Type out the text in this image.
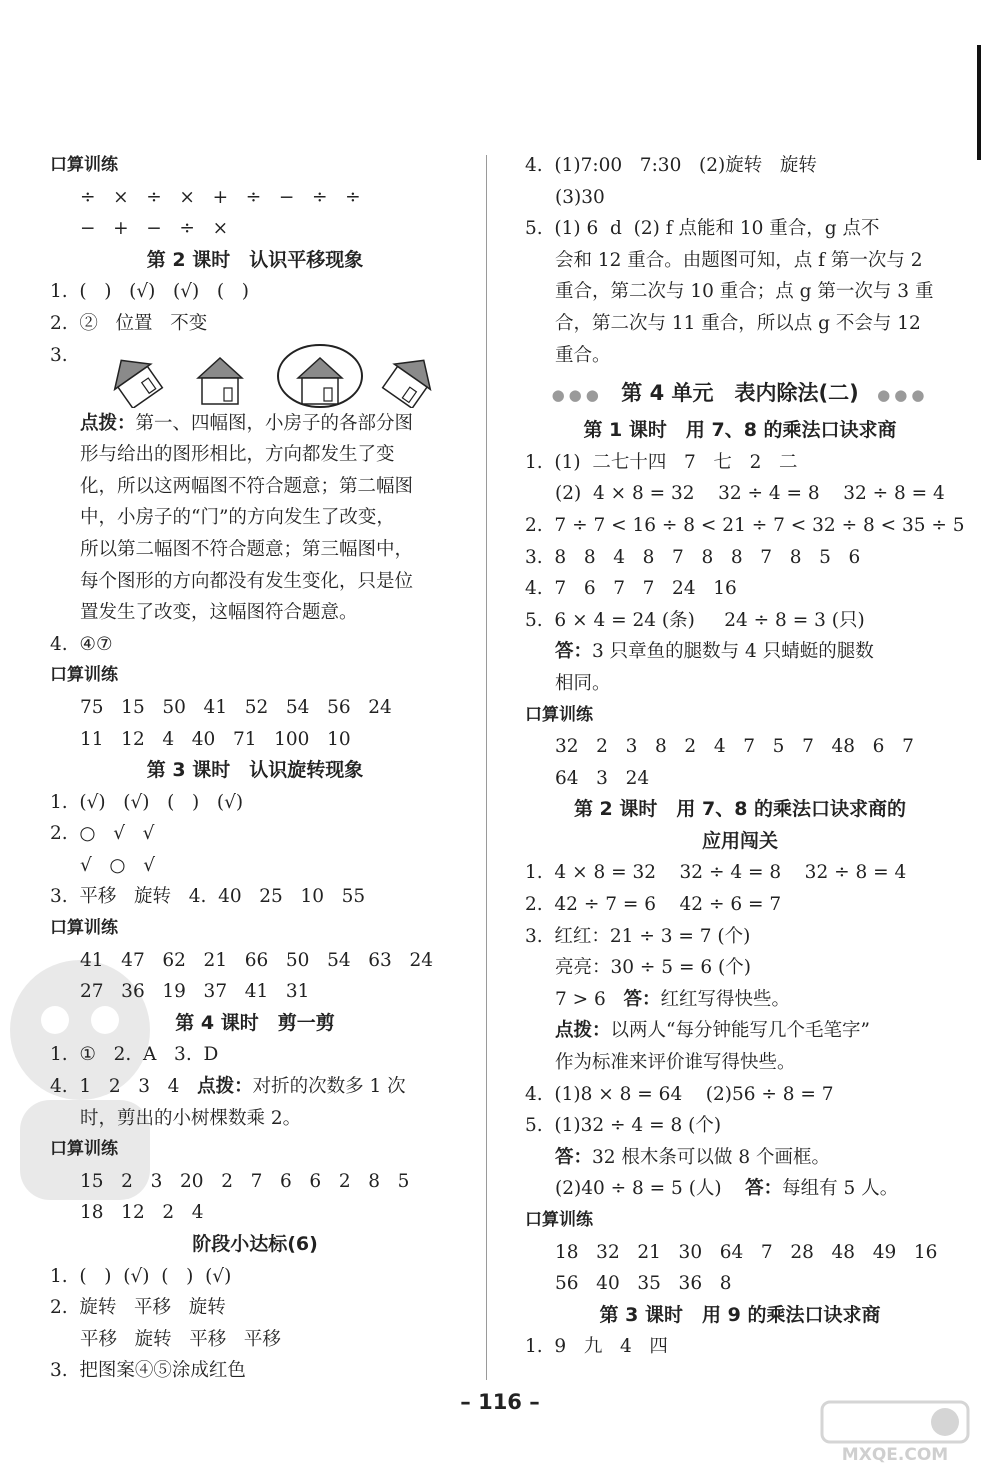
口算训练
÷   ×   ÷   ×   +   ÷   −   ÷   ÷
−   +   −   ÷   ×
第 2 课时　认识平移现象
1.  (   )   (√)   (√)   (   )
2.  ②   位置   不变
3.
点拨：第一、四幅图，小房子的各部分图
形与给出的图形相比，方向都发生了变
化，所以这两幅图不符合题意；第二幅图
中，小房子的“门”的方向发生了改变，
所以第二幅图不符合题意；第三幅图中，
每个图形的方向都没有发生变化，只是位
置发生了改变，这幅图符合题意。
4.  ④⑦
口算训练
75   15   50   41   52   54   56   24
11   12   4   40   71   100   10
第 3 课时　认识旋转现象
1.  (√)   (√)   (   )   (√)
2.  ○   √   √
√   ○   √
3.  平移   旋转   4.  40   25   10   55
口算训练
41   47   62   21   66   50   54   63   24
27   36   19   37   41   31
第 4 课时　剪一剪
1.  ①   2.  A   3.  D
4.  1   2   3   4   点拨：对折的次数多 1 次
时，剪出的小树棵数乘 2。
口算训练
15   2   3   20   2   7   6   6   2   8   5
18   12   2   4
阶段小达标(6)
1.  (   )  (√)  (   )  (√)
2.  旋转   平移   旋转
平移   旋转   平移   平移
3.  把图案④⑤涂成红色
4.  (1)7:00   7:30   (2)旋转   旋转
(3)30
5.  (1) 6  d  (2) f 点能和 10 重合，g 点不
会和 12 重合。由题图可知，点 f 第一次与 2
重合，第二次与 10 重合；点 g 第一次与 3 重
合，第二次与 11 重合，所以点 g 不会与 12
重合。
●●●  第 4 单元　表内除法(二)  ●●●
第 1 课时　用 7、8 的乘法口诀求商
1.  (1)  二七十四   7   七   2   二
(2)  4 × 8 = 32    32 ÷ 4 = 8    32 ÷ 8 = 4
2.  7 ÷ 7 < 16 ÷ 8 < 21 ÷ 7 < 32 ÷ 8 < 35 ÷ 5
3.  8   8   4   8   7   8   8   7   8   5   6
4.  7   6   7   7   24   16
5.  6 × 4 = 24 (条)     24 ÷ 8 = 3 (只)
答：3 只章鱼的腿数与 4 只蜻蜓的腿数
相同。
口算训练
32   2   3   8   2   4   7   5   7   48   6   7
64   3   24
第 2 课时　用 7、8 的乘法口诀求商的
应用闯关
1.  4 × 8 = 32    32 ÷ 4 = 8    32 ÷ 8 = 4
2.  42 ÷ 7 = 6    42 ÷ 6 = 7
3.  红红：21 ÷ 3 = 7 (个)
亮亮：30 ÷ 5 = 6 (个)
7 > 6   答：红红写得快些。
点拨：以两人“每分钟能写几个毛笔字”
作为标准来评价谁写得快些。
4.  (1)8 × 8 = 64    (2)56 ÷ 8 = 7
5.  (1)32 ÷ 4 = 8 (个)
答：32 根木条可以做 8 个画框。
(2)40 ÷ 8 = 5 (人)    答：每组有 5 人。
口算训练
18   32   21   30   64   7   28   48   49   16
56   40   35   36   8
第 3 课时　用 9 的乘法口诀求商
1.  9   九   4   四
– 116 –
MXQE.COM
